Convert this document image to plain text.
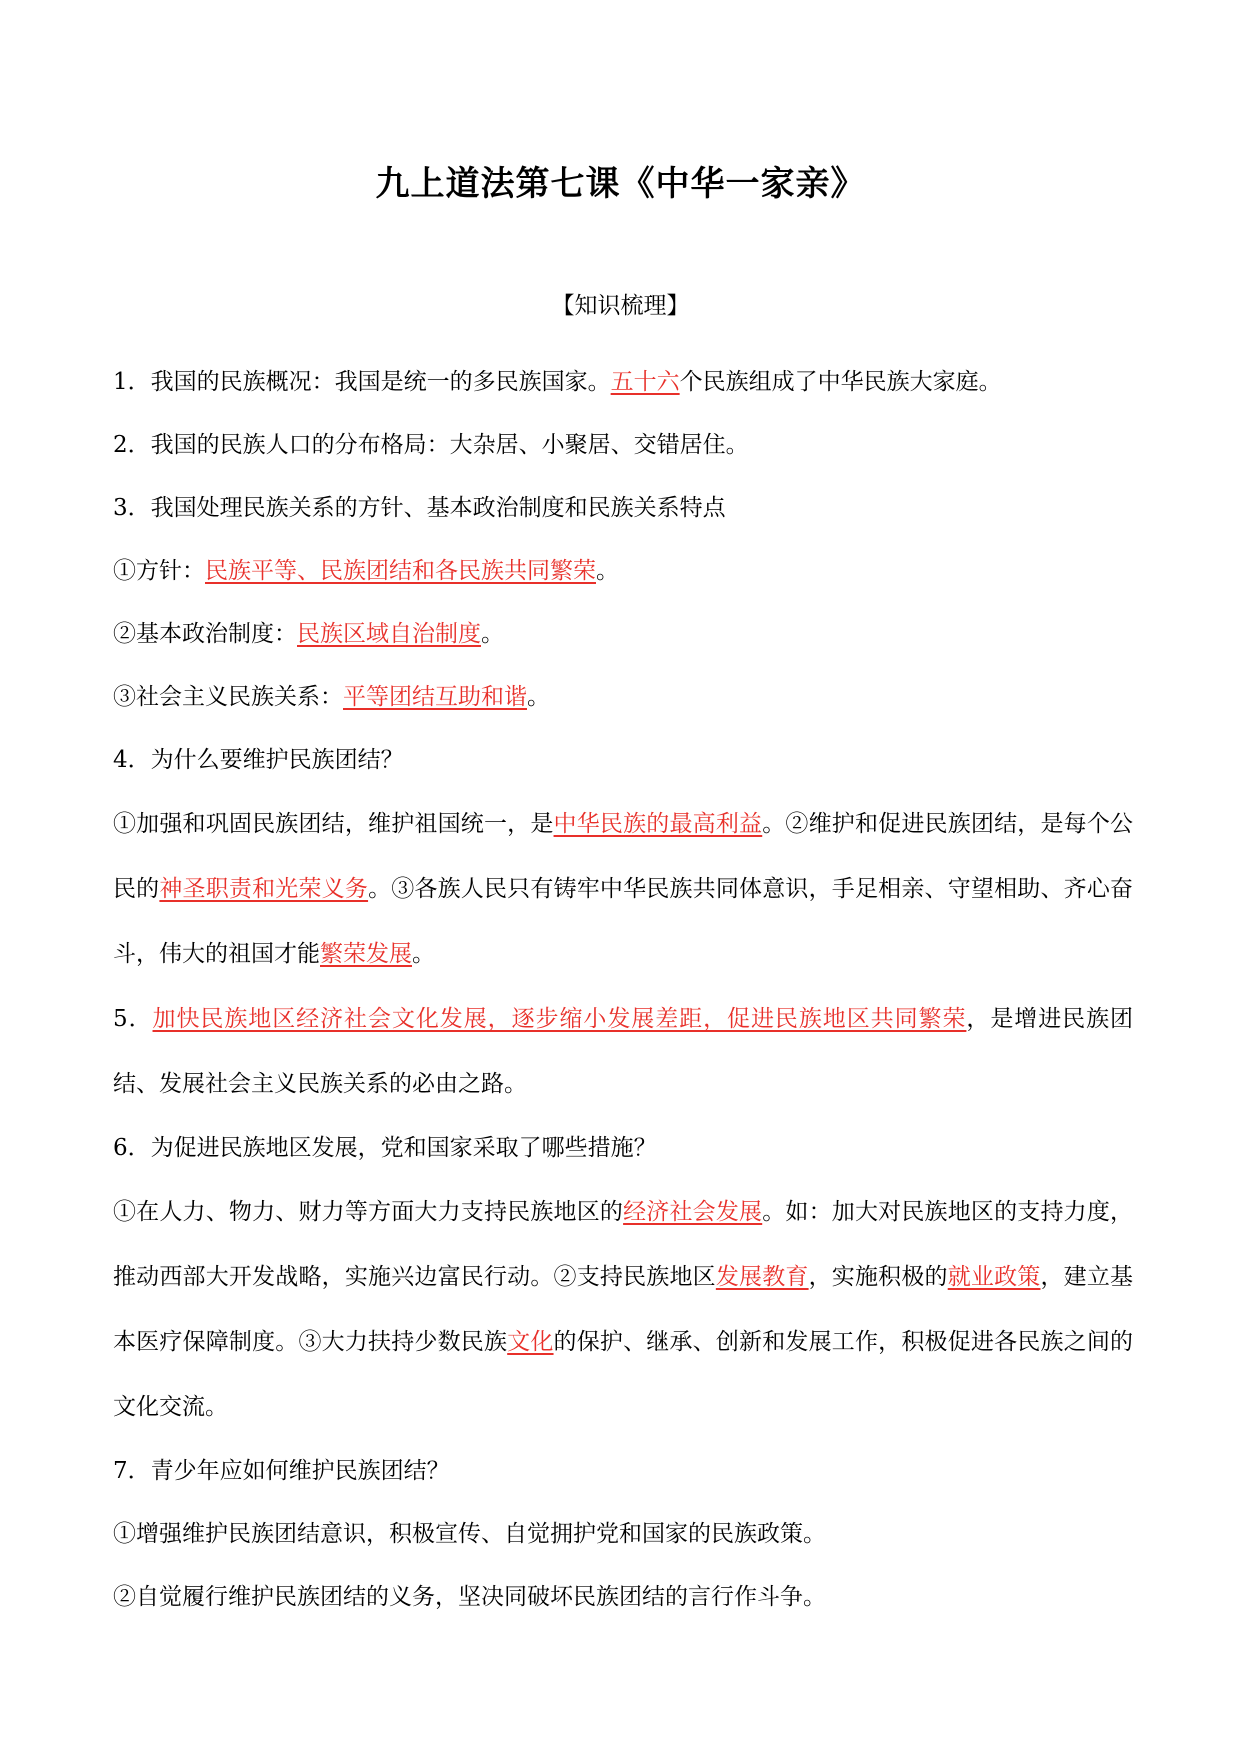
九上道法第七课《中华一家亲》
【知识梳理】

1．我国的民族概况：我国是统一的多民族国家。五十六个民族组成了中华民族大家庭。

2．我国的民族人口的分布格局：大杂居、小聚居、交错居住。

3．我国处理民族关系的方针、基本政治制度和民族关系特点

①方针：民族平等、民族团结和各民族共同繁荣。

②基本政治制度：民族区域自治制度。

③社会主义民族关系：平等团结互助和谐。

4．为什么要维护民族团结？

①加强和巩固民族团结，维护祖国统一，是中华民族的最高利益。②维护和促进民族团结，是每个公民的神圣职责和光荣义务。③各族人民只有铸牢中华民族共同体意识，手足相亲、守望相助、齐心奋斗，伟大的祖国才能繁荣发展。

5．加快民族地区经济社会文化发展，逐步缩小发展差距，促进民族地区共同繁荣，是增进民族团结、发展社会主义民族关系的必由之路。

6．为促进民族地区发展，党和国家采取了哪些措施？

①在人力、物力、财力等方面大力支持民族地区的经济社会发展。如：加大对民族地区的支持力度，推动西部大开发战略，实施兴边富民行动。②支持民族地区发展教育，实施积极的就业政策，建立基本医疗保障制度。③大力扶持少数民族文化的保护、继承、创新和发展工作，积极促进各民族之间的文化交流。

7．青少年应如何维护民族团结？

①增强维护民族团结意识，积极宣传、自觉拥护党和国家的民族政策。

②自觉履行维护民族团结的义务，坚决同破坏民族团结的言行作斗争。
